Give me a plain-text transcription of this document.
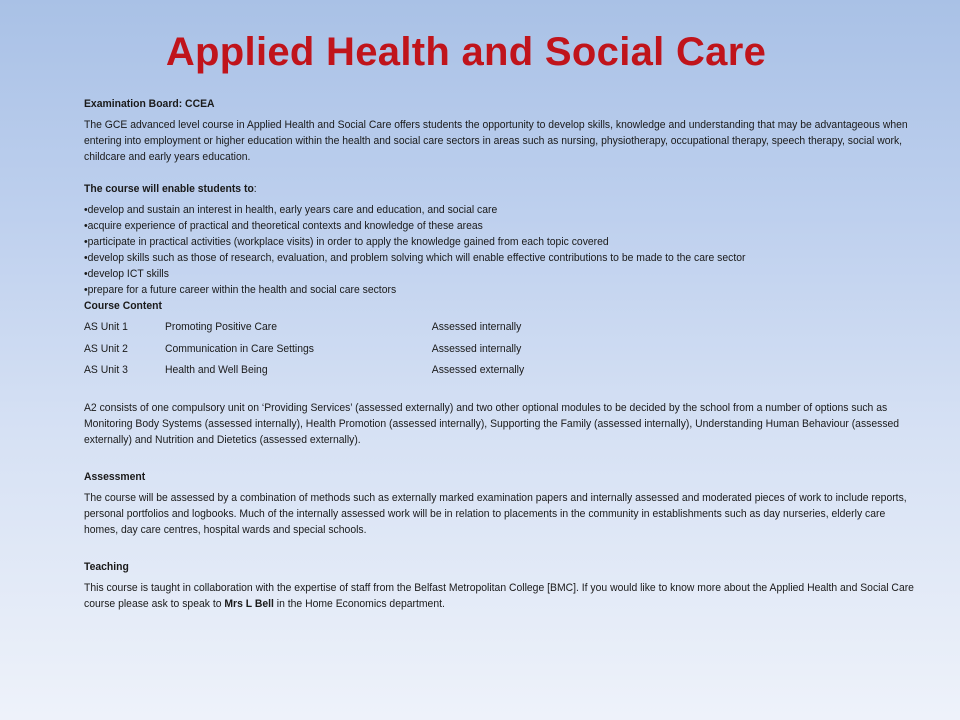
Applied Health and Social Care

Examination Board: CCEA

The GCE advanced level course in Applied Health and Social Care offers students the opportunity to develop skills, knowledge and understanding that may be advantageous when entering into employment or higher education within the health and social care sectors in areas such as nursing, physiotherapy, occupational therapy, speech therapy, social work, childcare and early years education.

The course will enable students to:

•develop and sustain an interest in health, early years care and education, and social care

•acquire experience of practical and theoretical contexts and knowledge of these areas

•participate in practical activities (workplace visits) in order to apply the knowledge gained from each topic covered

•develop skills such as those of research, evaluation, and problem solving which will enable effective contributions to be made to the care sector

•develop ICT skills

•prepare for a future career within the health and social care sectors

Course Content

AS Unit 1	Promoting Positive Care	Assessed internally
AS Unit 2	Communication in Care Settings	Assessed internally
AS Unit 3	Health and Well Being	Assessed externally

A2 consists of one compulsory unit on ‘Providing Services’ (assessed externally) and two other optional modules to be decided by the school from a number of options such as Monitoring Body Systems (assessed internally), Health Promotion (assessed internally), Supporting the Family (assessed internally), Understanding Human Behaviour (assessed externally) and Nutrition and Dietetics (assessed externally).

Assessment

The course will be assessed by a combination of methods such as externally marked examination papers and internally assessed and moderated pieces of work to include reports, personal portfolios and logbooks. Much of the internally assessed work will be in relation to placements in the community in establishments such as day nurseries, elderly care homes, day care centres, hospital wards and special schools.

Teaching

This course is taught in collaboration with the expertise of staff from the Belfast Metropolitan College [BMC]. If you would like to know more about the Applied Health and Social Care course please ask to speak to Mrs L Bell in the Home Economics department.
